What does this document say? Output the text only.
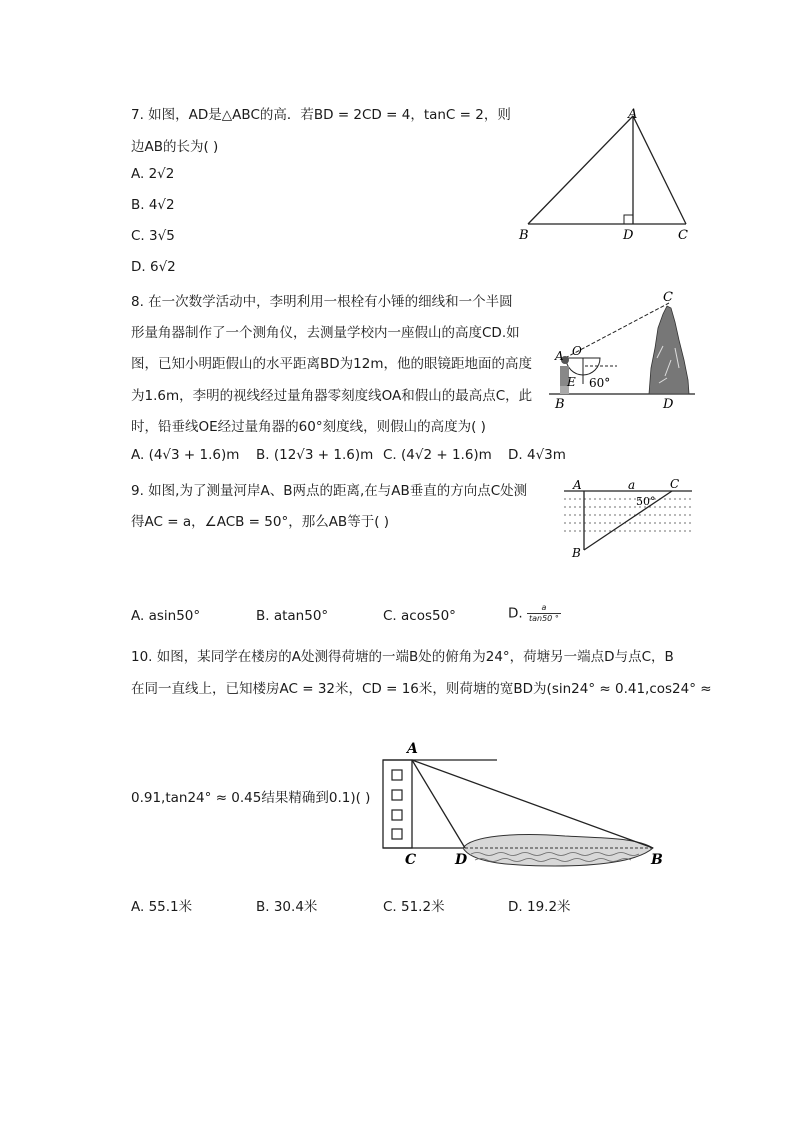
7. 如图，AD是△ABC的高．若BD = 2CD = 4，tanC = 2，则
边AB的长为( )
A. 2√2
B. 4√2
C. 3√5
D. 6√2
A
B	D	C
8. 在一次数学活动中，李明利用一根栓有小锤的细线和一个半圆
形量角器制作了一个测角仪，去测量学校内一座假山的高度CD.如
图，已知小明距假山的水平距离BD为12m，他的眼镜距地面的高度
为1.6m，李明的视线经过量角器零刻度线OA和假山的最高点C，此
时，铅垂线OE经过量角器的60°刻度线，则假山的高度为( )
A. (4√3 + 1.6)m B. (12√3 + 1.6)m C. (4√2 + 1.6)m D. 4√3m
A O
E 60°
B	D
C
9. 如图,为了测量河岸A、B两点的距离,在与AB垂直的方向点C处测
得AC = a，∠ACB = 50°，那么AB等于( )
A. asin50°	B. atan50°	C. acos50°	D. $\frac{a}{\tan 50 ^\circ}$
A
B
C
a
50°
10. 如图，某同学在楼房的A处测得荷塘的一端B处的俯角为24°，荷塘另一端点D与点C，B
在同一直线上，已知楼房AC = 32米，CD = 16米，则荷塘的宽BD为(sin24° ≈ 0.41,cos24° ≈
0.91,tan24° ≈ 0.45结果精确到0.1)( )
A. 55.1米	B. 30.4米	C. 51.2米	D. 19.2米
A
C	D	B
